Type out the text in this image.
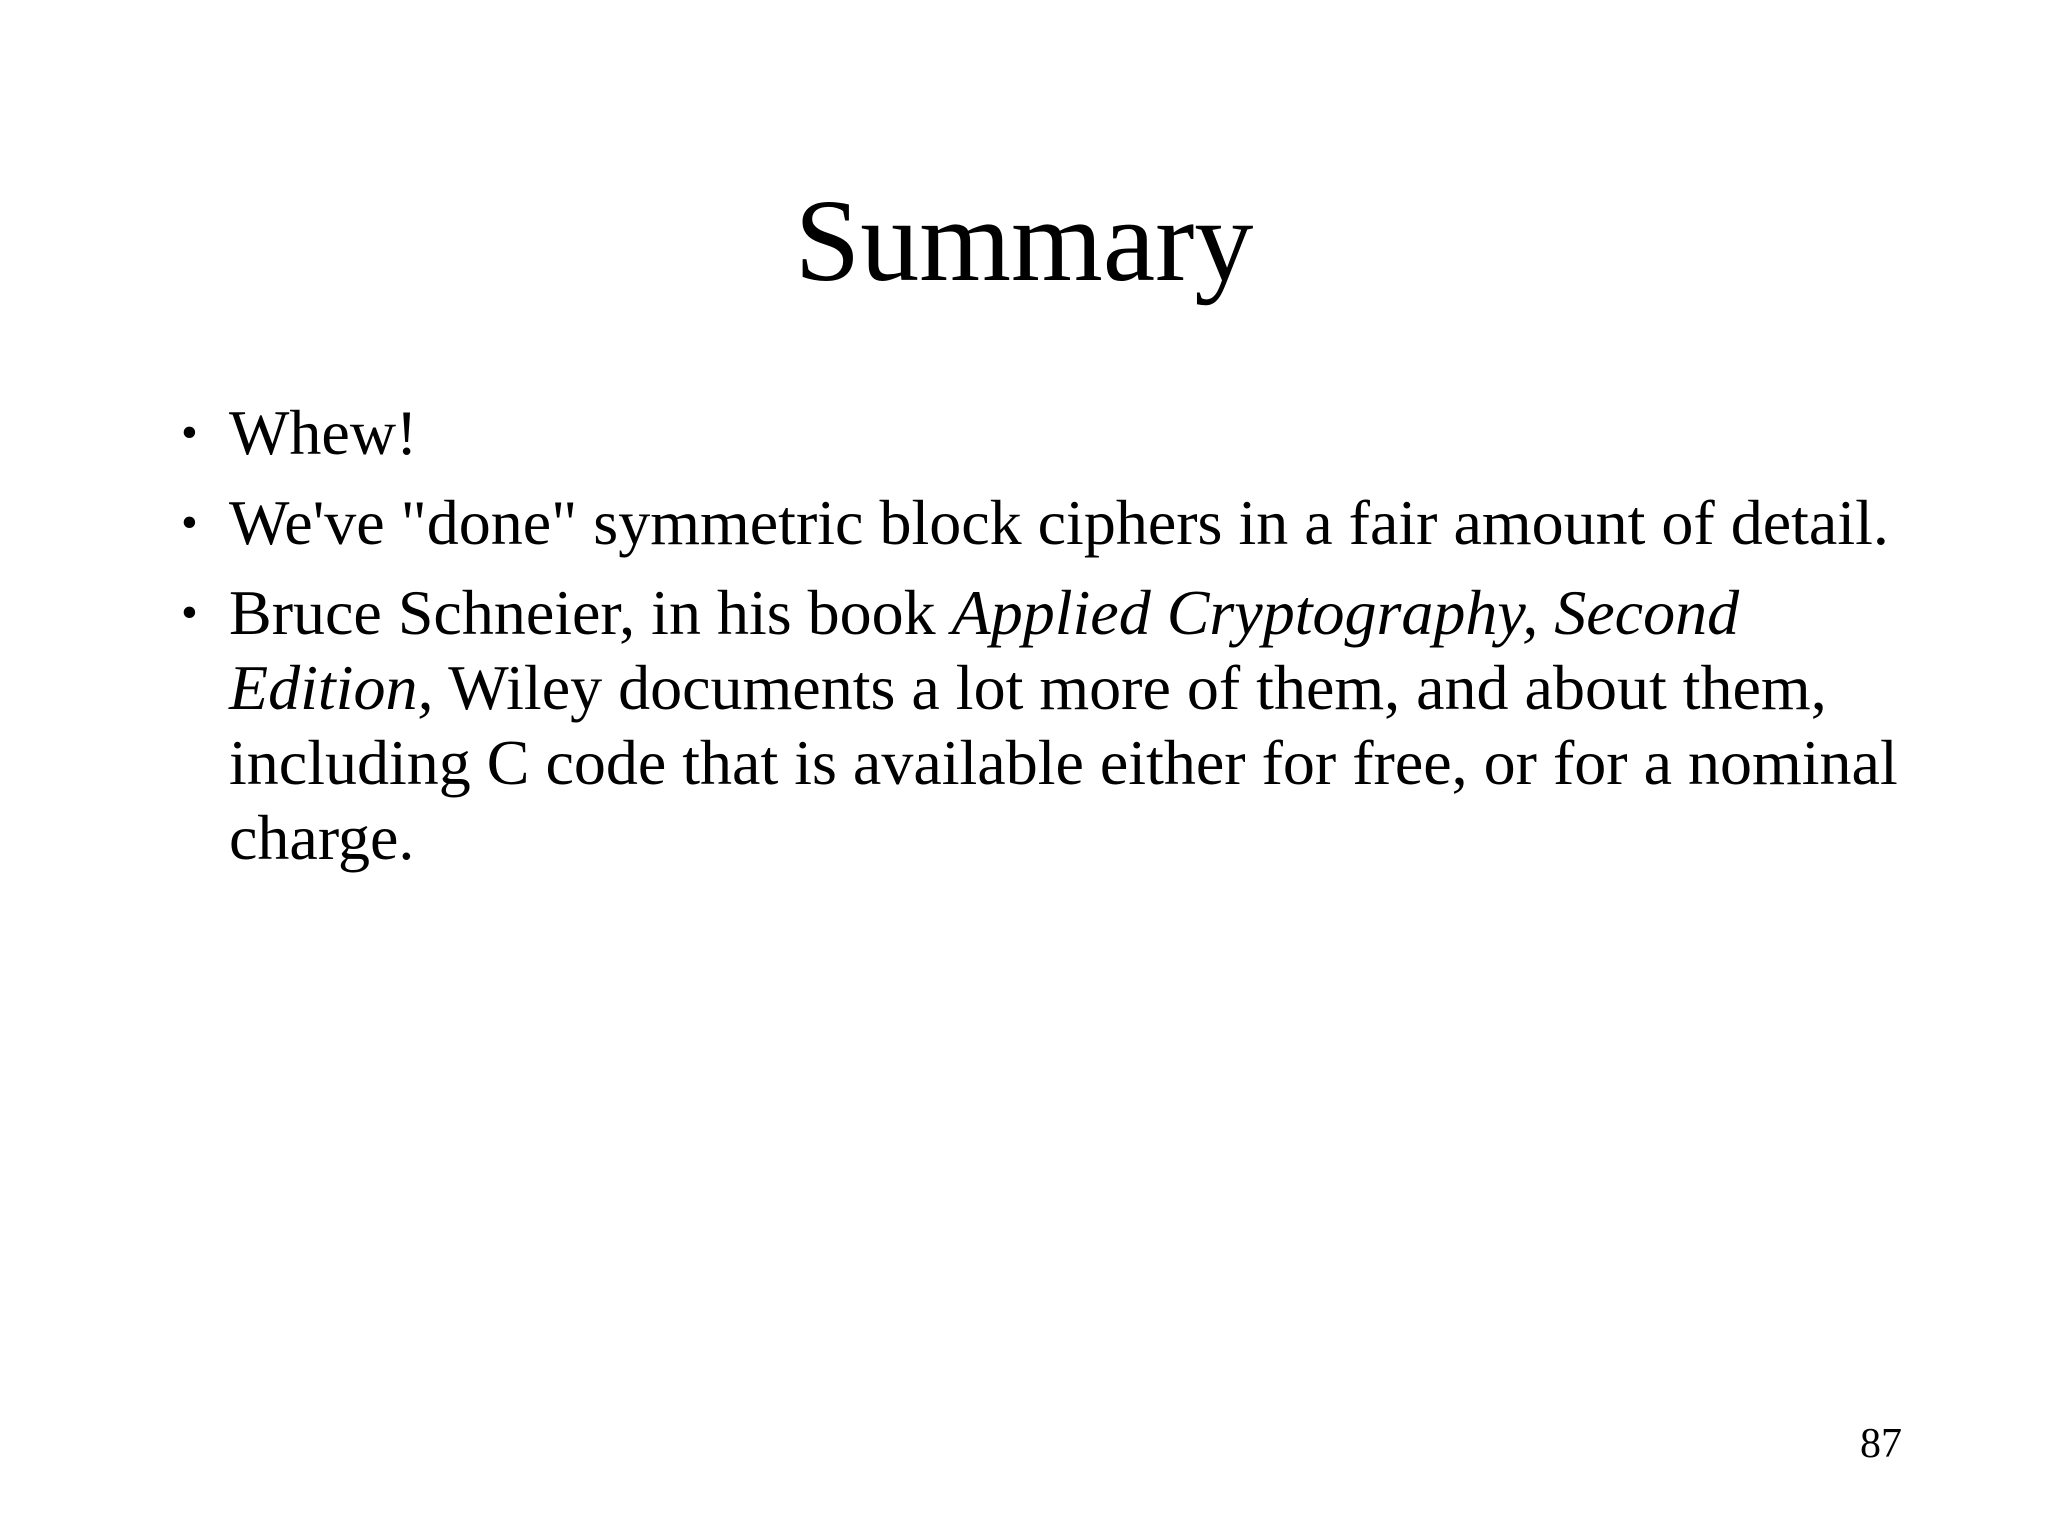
Summary
• Whew!
• We've "done" symmetric block ciphers in a fair amount of detail.
• Bruce Schneier, in his book Applied Cryptography, Second Edition, Wiley documents a lot more of them, and about them, including C code that is available either for free, or for a nominal charge.
87
